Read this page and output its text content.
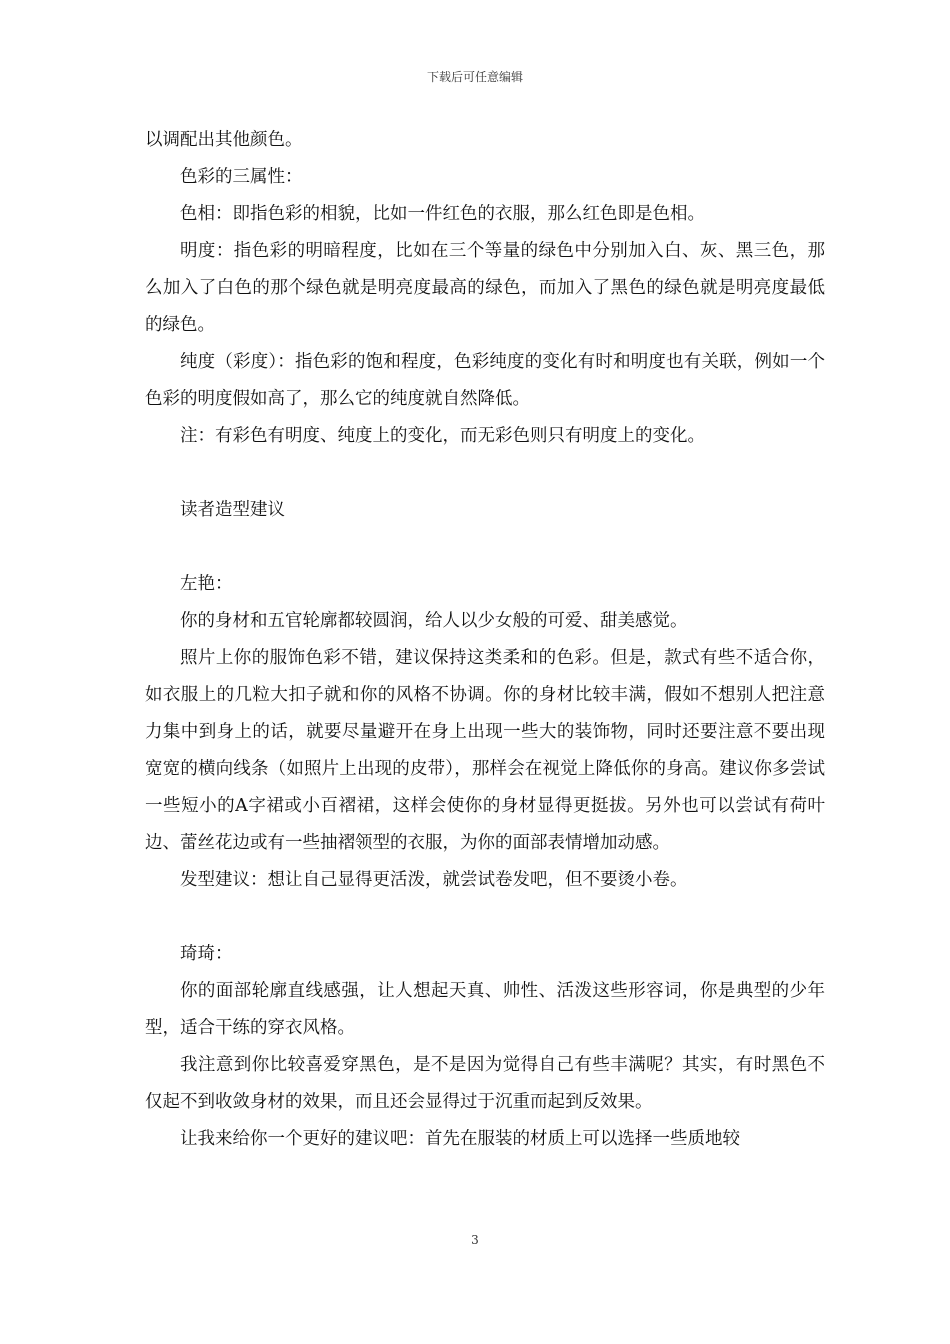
下载后可任意编辑

以调配出其他颜色。

色彩的三属性：

色相：即指色彩的相貌，比如一件红色的衣服，那么红色即是色相。

明度：指色彩的明暗程度，比如在三个等量的绿色中分别加入白、灰、黑三色，那么加入了白色的那个绿色就是明亮度最高的绿色，而加入了黑色的绿色就是明亮度最低的绿色。

纯度（彩度）：指色彩的饱和程度，色彩纯度的变化有时和明度也有关联，例如一个色彩的明度假如高了，那么它的纯度就自然降低。

注：有彩色有明度、纯度上的变化，而无彩色则只有明度上的变化。

读者造型建议

左艳：

你的身材和五官轮廓都较圆润，给人以少女般的可爱、甜美感觉。

照片上你的服饰色彩不错，建议保持这类柔和的色彩。但是，款式有些不适合你，如衣服上的几粒大扣子就和你的风格不协调。你的身材比较丰满，假如不想别人把注意力集中到身上的话，就要尽量避开在身上出现一些大的装饰物，同时还要注意不要出现宽宽的横向线条（如照片上出现的皮带），那样会在视觉上降低你的身高。建议你多尝试一些短小的A字裙或小百褶裙，这样会使你的身材显得更挺拔。另外也可以尝试有荷叶边、蕾丝花边或有一些抽褶领型的衣服，为你的面部表情增加动感。

发型建议：想让自己显得更活泼，就尝试卷发吧，但不要烫小卷。

琦琦：

你的面部轮廓直线感强，让人想起天真、帅性、活泼这些形容词，你是典型的少年型，适合干练的穿衣风格。

我注意到你比较喜爱穿黑色，是不是因为觉得自己有些丰满呢？其实，有时黑色不仅起不到收敛身材的效果，而且还会显得过于沉重而起到反效果。

让我来给你一个更好的建议吧：首先在服装的材质上可以选择一些质地较

3
